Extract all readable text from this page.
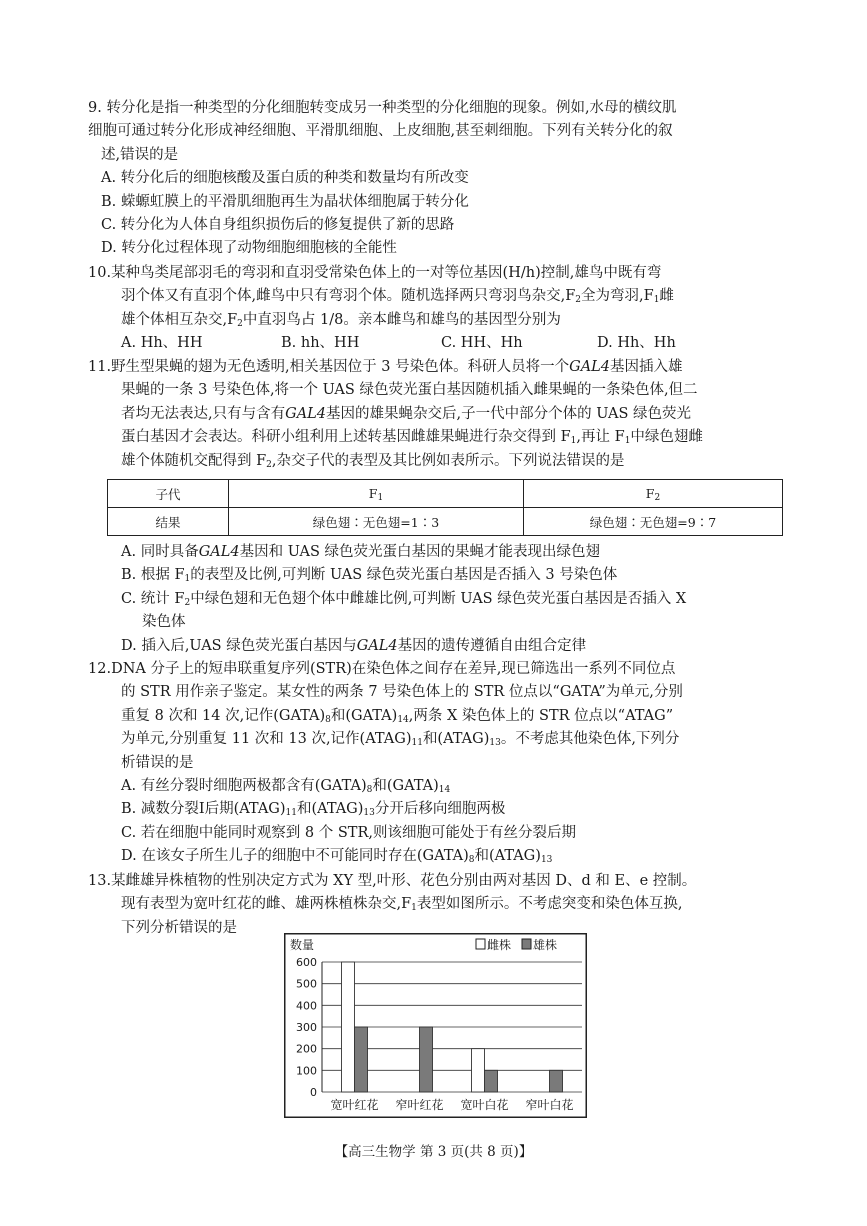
9. 转分化是指一种类型的分化细胞转变成另一种类型的分化细胞的现象。例如,水母的横纹肌

细胞可通过转分化形成神经细胞、平滑肌细胞、上皮细胞,甚至刺细胞。下列有关转分化的叙

述,错误的是

A. 转分化后的细胞核酸及蛋白质的种类和数量均有所改变

B. 蝾螈虹膜上的平滑肌细胞再生为晶状体细胞属于转分化

C. 转分化为人体自身组织损伤后的修复提供了新的思路

D. 转分化过程体现了动物细胞细胞核的全能性

10.某种鸟类尾部羽毛的弯羽和直羽受常染色体上的一对等位基因(H/h)控制,雄鸟中既有弯

羽个体又有直羽个体,雌鸟中只有弯羽个体。随机选择两只弯羽鸟杂交$,F_2$全为弯羽$,F_1$雌

雄个体相互杂交$,F_2$中直羽鸟占 1/8。亲本雌鸟和雄鸟的基因型分别为

A. Hh、HH	B. hh、HH	C. HH、Hh	D. Hh、Hh

11.野生型果蝇的翅为无色透明,相关基因位于 3 号染色体。科研人员将一个GAL4基因插入雄

果蝇的一条 3 号染色体,将一个 UAS 绿色荧光蛋白基因随机插入雌果蝇的一条染色体,但二

者均无法表达,只有与含有GAL4基因的雄果蝇杂交后,子一代中部分个体的 UAS 绿色荧光

蛋白基因才会表达。科研小组利用上述转基因雌雄果蝇进行杂交得到 $F_1$,再让 $F_1$中绿色翅雌

雄个体随机交配得到 $F_2$,杂交子代的表型及其比例如表所示。下列说法错误的是

子代	$F_1$	$F_2$
结果	绿色翅∶无色翅=1∶3	绿色翅∶无色翅=9∶7

A. 同时具备GAL4基因和 UAS 绿色荧光蛋白基因的果蝇才能表现出绿色翅

B. 根据 $F_1$的表型及比例,可判断 UAS 绿色荧光蛋白基因是否插入 3 号染色体

C. 统计 $F_2$中绿色翅和无色翅个体中雌雄比例,可判断 UAS 绿色荧光蛋白基因是否插入 X

染色体

D. 插入后,UAS 绿色荧光蛋白基因与GAL4基因的遗传遵循自由组合定律

12.DNA 分子上的短串联重复序列(STR)在染色体之间存在差异,现已筛选出一系列不同位点

的 STR 用作亲子鉴定。某女性的两条 7 号染色体上的 STR 位点以“GATA”为单元,分别

重复 8 次和 14 次,记作$(GATA)_8$和$(GATA)_{14}$,两条 X 染色体上的 STR 位点以“ATAG”

为单元,分别重复 11 次和 13 次,记作$(ATAG)_{11}$和$(ATAG)_{13}$。不考虑其他染色体,下列分

析错误的是

A. 有丝分裂时细胞两极都含有$(GATA)_8$和$(GATA)_{14}$

B. 减数分裂Ⅰ后期$(ATAG)_{11}$和$(ATAG)_{13}$分开后移向细胞两极

C. 若在细胞中能同时观察到 8 个 STR,则该细胞可能处于有丝分裂后期

D. 在该女子所生儿子的细胞中不可能同时存在$(GATA)_8$和$(ATAG)_{13}$

13.某雌雄异株植物的性别决定方式为 XY 型,叶形、花色分别由两对基因 D、d 和 E、e 控制。

现有表型为宽叶红花的雌、雄两株植株杂交$,F_1$表型如图所示。不考虑突变和染色体互换,

下列分析错误的是

数量	雌株 雄株
600
500
400
300
200
100
0
宽叶红花 窄叶红花 宽叶白花 窄叶白花
【高三生物学 第 3 页(共 8 页)】
